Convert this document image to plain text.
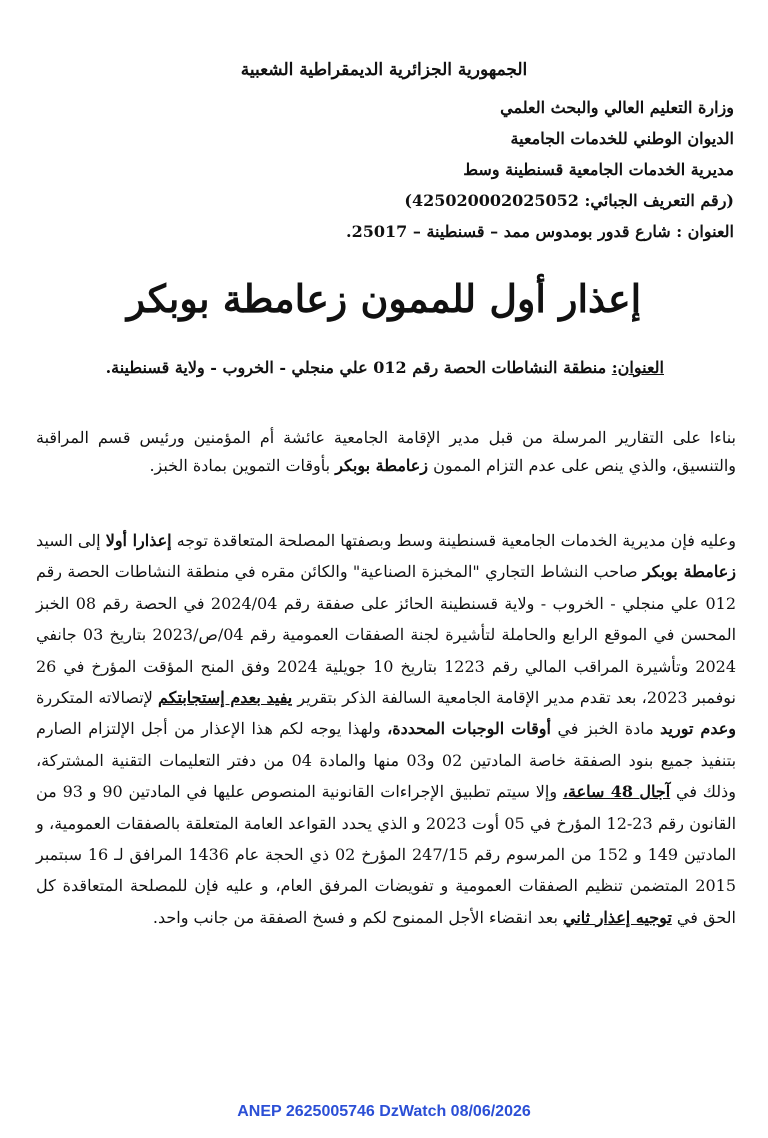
الجمهورية الجزائرية الديمقراطية الشعبية
وزارة التعليم العالي والبحث العلمي
الديوان الوطني للخدمات الجامعية
مديرية الخدمات الجامعية قسنطينة وسط
(رقم التعريف الجبائي: 425020002025052)
العنوان : شارع قدور بومدوس ممد – قسنطينة – 25017.
إعذار أول للممون زعامطة بوبكر
العنوان: منطقة النشاطات الحصة رقم 012 علي منجلي - الخروب - ولاية قسنطينة.

بناءا على التقارير المرسلة من قبل مدير الإقامة الجامعية عائشة أم المؤمنين ورئيس قسم المراقبة والتنسيق، والذي ينص على عدم التزام الممون زعامطة بوبكر بأوقات التموين بمادة الخبز.

وعليه فإن مديرية الخدمات الجامعية قسنطينة وسط وبصفتها المصلحة المتعاقدة توجه إعذارا أولا إلى السيد زعامطة بوبكر صاحب النشاط التجاري "المخبزة الصناعية" والكائن مقره في منطقة النشاطات الحصة رقم 012 علي منجلي - الخروب - ولاية قسنطينة الحائز على صفقة رقم 2024/04 في الحصة رقم 08 الخبز المحسن في الموقع الرابع والحاملة لتأشيرة لجنة الصفقات العمومية رقم 04/ص/2023 بتاريخ 03 جانفي 2024 وتأشيرة المراقب المالي رقم 1223 بتاريخ 10 جويلية 2024 وفق المنح المؤقت المؤرخ في 26 نوفمبر 2023، بعد تقدم مدير الإقامة الجامعية السالفة الذكر بتقرير يفيد بعدم إستجابتكم لإتصالاته المتكررة وعدم توريد مادة الخبز في أوقات الوجبات المحددة، ولهذا يوجه لكم هذا الإعذار من أجل الإلتزام الصارم بتنفيذ جميع بنود الصفقة خاصة المادتين 02 و03 منها والمادة 04 من دفتر التعليمات التقنية المشتركة، وذلك في آجال 48 ساعة، وإلا سيتم تطبيق الإجراءات القانونية المنصوص عليها في المادتين 90 و 93 من القانون رقم 23-12 المؤرخ في 05 أوت 2023 و الذي يحدد القواعد العامة المتعلقة بالصفقات العمومية، و المادتين 149 و 152 من المرسوم رقم 247/15 المؤرخ 02 ذي الحجة عام 1436 المرافق لـ 16 سبتمبر 2015 المتضمن تنظيم الصفقات العمومية و تفويضات المرفق العام، و عليه فإن للمصلحة المتعاقدة كل الحق في توجيه إعذار ثاني بعد انقضاء الأجل الممنوح لكم و فسخ الصفقة من جانب واحد.

ANEP 2625005746 DzWatch 08/06/2026
